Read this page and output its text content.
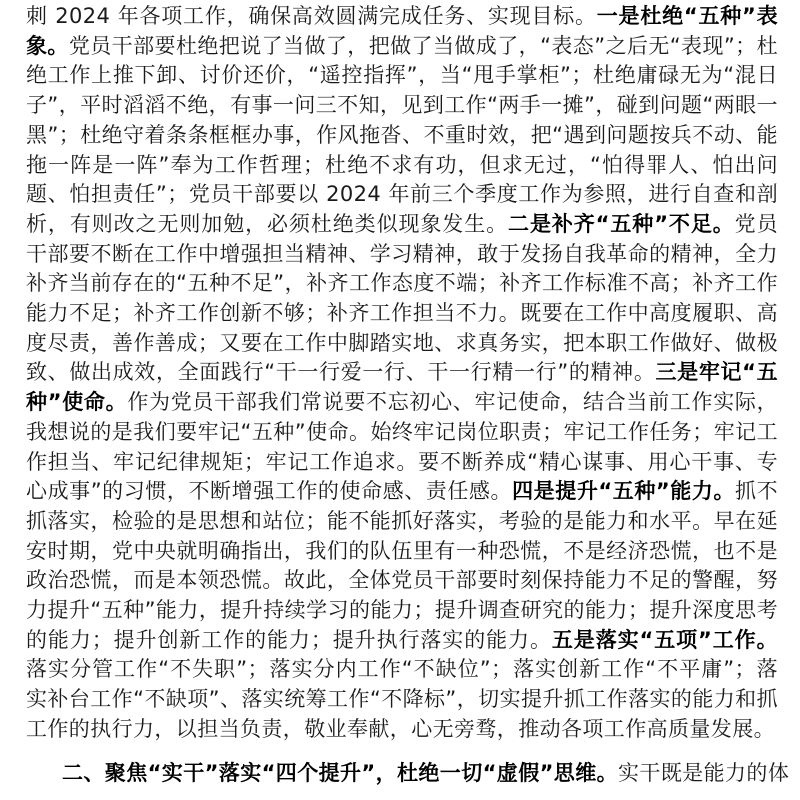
刺 2024 年各项工作，确保高效圆满完成任务、实现目标。一是杜绝“五种”表象。党员干部要杜绝把说了当做了，把做了当做成了，“表态”之后无“表现”；杜绝工作上推下卸、讨价还价，“遥控指挥”，当“甩手掌柜”；杜绝庸碌无为“混日子”，平时滔滔不绝，有事一问三不知，见到工作“两手一摊”，碰到问题“两眼一黑”；杜绝守着条条框框办事，作风拖沓、不重时效，把“遇到问题按兵不动、能拖一阵是一阵”奉为工作哲理；杜绝不求有功，但求无过，“怕得罪人、怕出问题、怕担责任”；党员干部要以 2024 年前三个季度工作为参照，进行自查和剖析，有则改之无则加勉，必须杜绝类似现象发生。二是补齐“五种”不足。党员干部要不断在工作中增强担当精神、学习精神，敢于发扬自我革命的精神，全力补齐当前存在的“五种不足”，补齐工作态度不端；补齐工作标准不高；补齐工作能力不足；补齐工作创新不够；补齐工作担当不力。既要在工作中高度履职、高度尽责，善作善成；又要在工作中脚踏实地、求真务实，把本职工作做好、做极致、做出成效，全面践行“干一行爱一行、干一行精一行”的精神。三是牢记“五种”使命。作为党员干部我们常说要不忘初心、牢记使命，结合当前工作实际，我想说的是我们要牢记“五种”使命。始终牢记岗位职责；牢记工作任务；牢记工作担当、牢记纪律规矩；牢记工作追求。要不断养成“精心谋事、用心干事、专心成事”的习惯，不断增强工作的使命感、责任感。四是提升“五种”能力。抓不抓落实，检验的是思想和站位；能不能抓好落实，考验的是能力和水平。早在延安时期，党中央就明确指出，我们的队伍里有一种恐慌，不是经济恐慌，也不是政治恐慌，而是本领恐慌。故此，全体党员干部要时刻保持能力不足的警醒，努力提升“五种”能力，提升持续学习的能力；提升调查研究的能力；提升深度思考的能力；提升创新工作的能力；提升执行落实的能力。五是落实“五项”工作。落实分管工作“不失职”；落实分内工作“不缺位”；落实创新工作“不平庸”；落实补台工作“不缺项”、落实统筹工作“不降标”，切实提升抓工作落实的能力和抓工作的执行力，以担当负责，敬业奉献，心无旁骛，推动各项工作高质量发展。

二、聚焦“实干”落实“四个提升”，杜绝一切“虚假”思维。实干既是能力的体
